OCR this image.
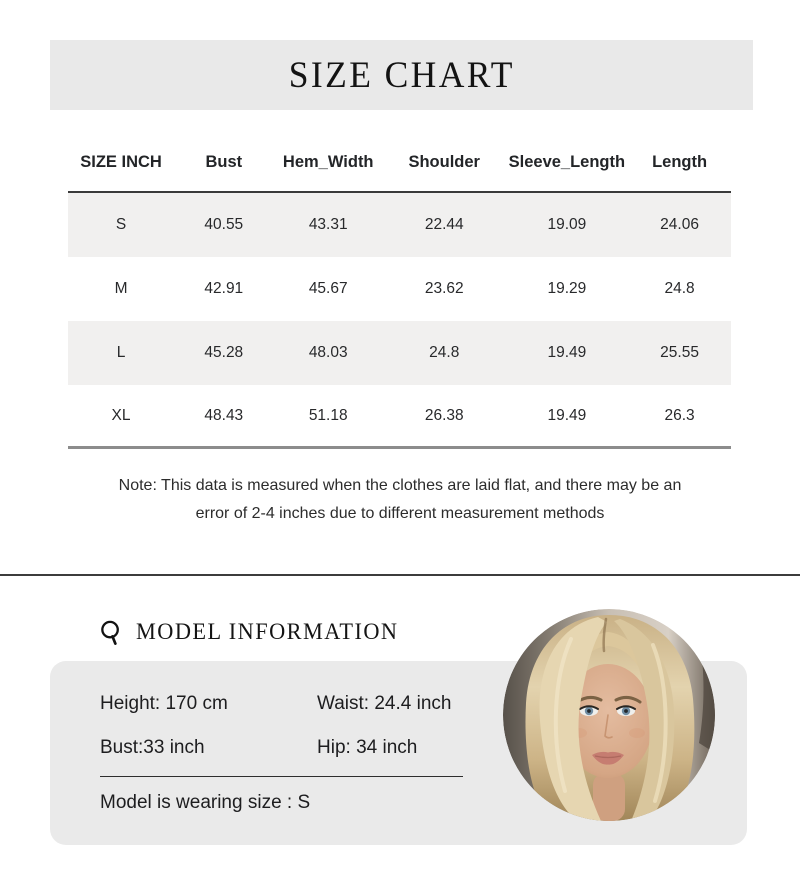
SIZE CHART
SIZE INCH	Bust	Hem_Width	Shoulder	Sleeve_Length	Length
S	40.55	43.31	22.44	19.09	24.06
M	42.91	45.67	23.62	19.29	24.8
L	45.28	48.03	24.8	19.49	25.55
XL	48.43	51.18	26.38	19.49	26.3
Note: This data is measured when the clothes are laid flat, and there may be an
error of 2-4 inches due to different measurement methods
MODEL INFORMATION
Height: 170 cm	Waist: 24.4 inch
Bust:33 inch	Hip: 34 inch
Model is wearing size : S
